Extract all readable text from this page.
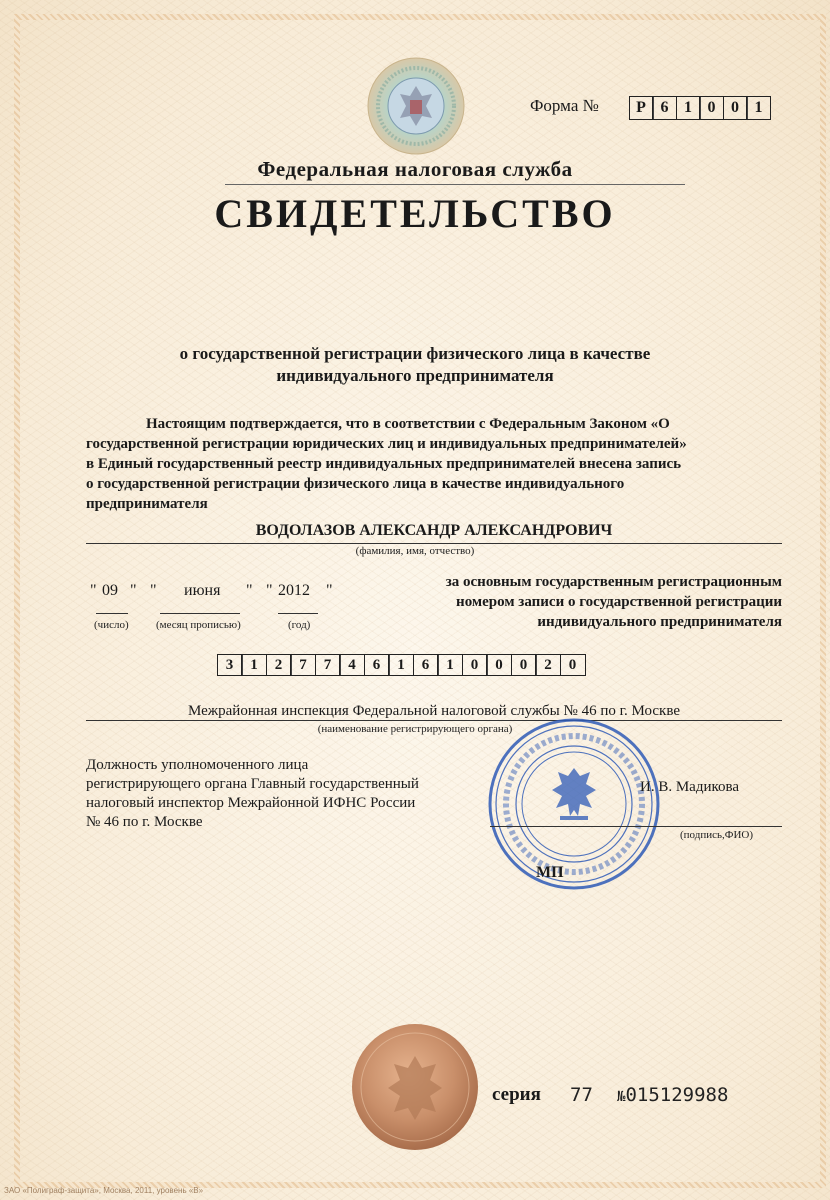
Форма №	Р 6 1 0 0 1
Федеральная налоговая служба
СВИДЕТЕЛЬСТВО
о государственной регистрации физического лица в качестве
индивидуального предпринимателя
Настоящим подтверждается, что в соответствии с Федеральным Законом «О
государственной регистрации юридических лиц и индивидуальных предпринимателей»
в Единый государственный реестр индивидуальных предпринимателей внесена запись
о государственной регистрации физического лица в качестве индивидуального
предпринимателя
ВОДОЛАЗОВ АЛЕКСАНДР АЛЕКСАНДРОВИЧ
(фамилия, имя, отчество)
" 09 "
(число)
" июня "
(месяц прописью)
" 2012 "
(год)
за основным государственным регистрационным
номером записи о государственной регистрации
индивидуального предпринимателя
3	1	2	7	7	4	6	1	6	1	0	0	0	2	0
Межрайонная инспекция Федеральной налоговой службы № 46 по г. Москве
(наименование регистрирующего органа)
Должность уполномоченного лица
регистрирующего органа Главный государственный
налоговый инспектор Межрайонной ИФНС России
№ 46 по г. Москве
И. В. Мадикова
(подпись,ФИО)
МП
серия 77 №015129988
ЗАО «Полиграф-защита», Москва, 2011, уровень «В»
